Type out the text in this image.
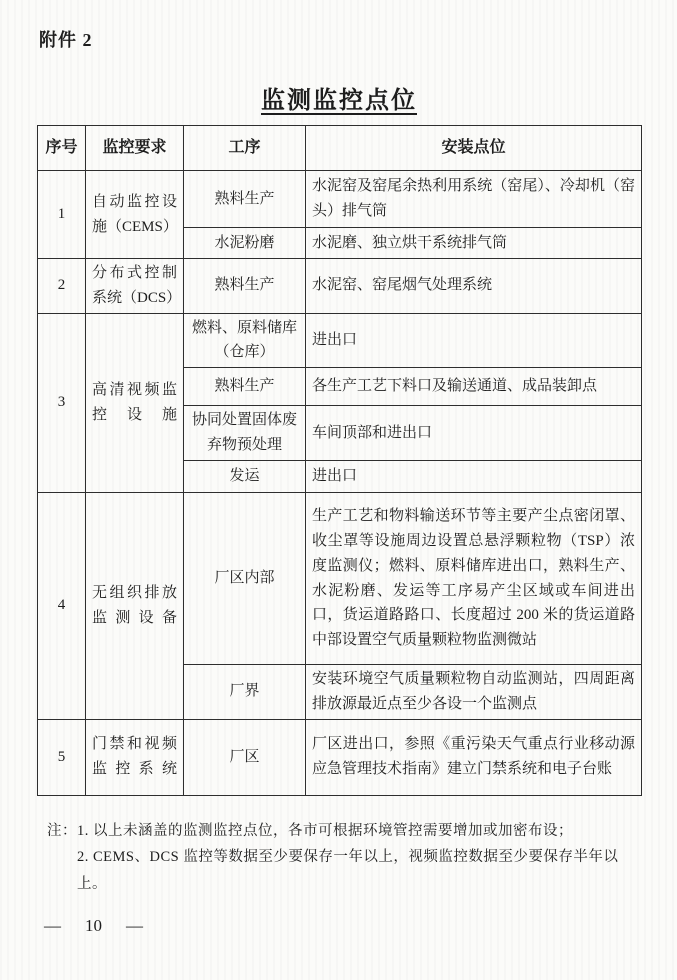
附件 2
监测监控点位
序号	监控要求	工序	安装点位
1	自动监控设施（CEMS）	熟料生产	水泥窑及窑尾余热利用系统（窑尾）、冷却机（窑头）排气筒
		水泥粉磨	水泥磨、独立烘干系统排气筒
2	分布式控制系统（DCS）	熟料生产	水泥窑、窑尾烟气处理系统
3	高清视频监控设施	燃料、原料储库（仓库）	进出口
		熟料生产	各生产工艺下料口及输送通道、成品装卸点
		协同处置固体废弃物预处理	车间顶部和进出口
		发运	进出口
4	无组织排放监测设备	厂区内部	生产工艺和物料输送环节等主要产尘点密闭罩、收尘罩等设施周边设置总悬浮颗粒物（TSP）浓度监测仪；燃料、原料储库进出口，熟料生产、水泥粉磨、发运等工序易产尘区域或车间进出口，货运道路路口、长度超过 200 米的货运道路中部设置空气质量颗粒物监测微站
		厂界	安装环境空气质量颗粒物自动监测站，四周距离排放源最近点至少各设一个监测点
5	门禁和视频监控系统	厂区	厂区进出口，参照《重污染天气重点行业移动源应急管理技术指南》建立门禁系统和电子台账
注： 1. 以上未涵盖的监测监控点位，各市可根据环境管控需要增加或加密布设；
2. CEMS、DCS 监控等数据至少要保存一年以上，视频监控数据至少要保存半年以上。
— 10 —
